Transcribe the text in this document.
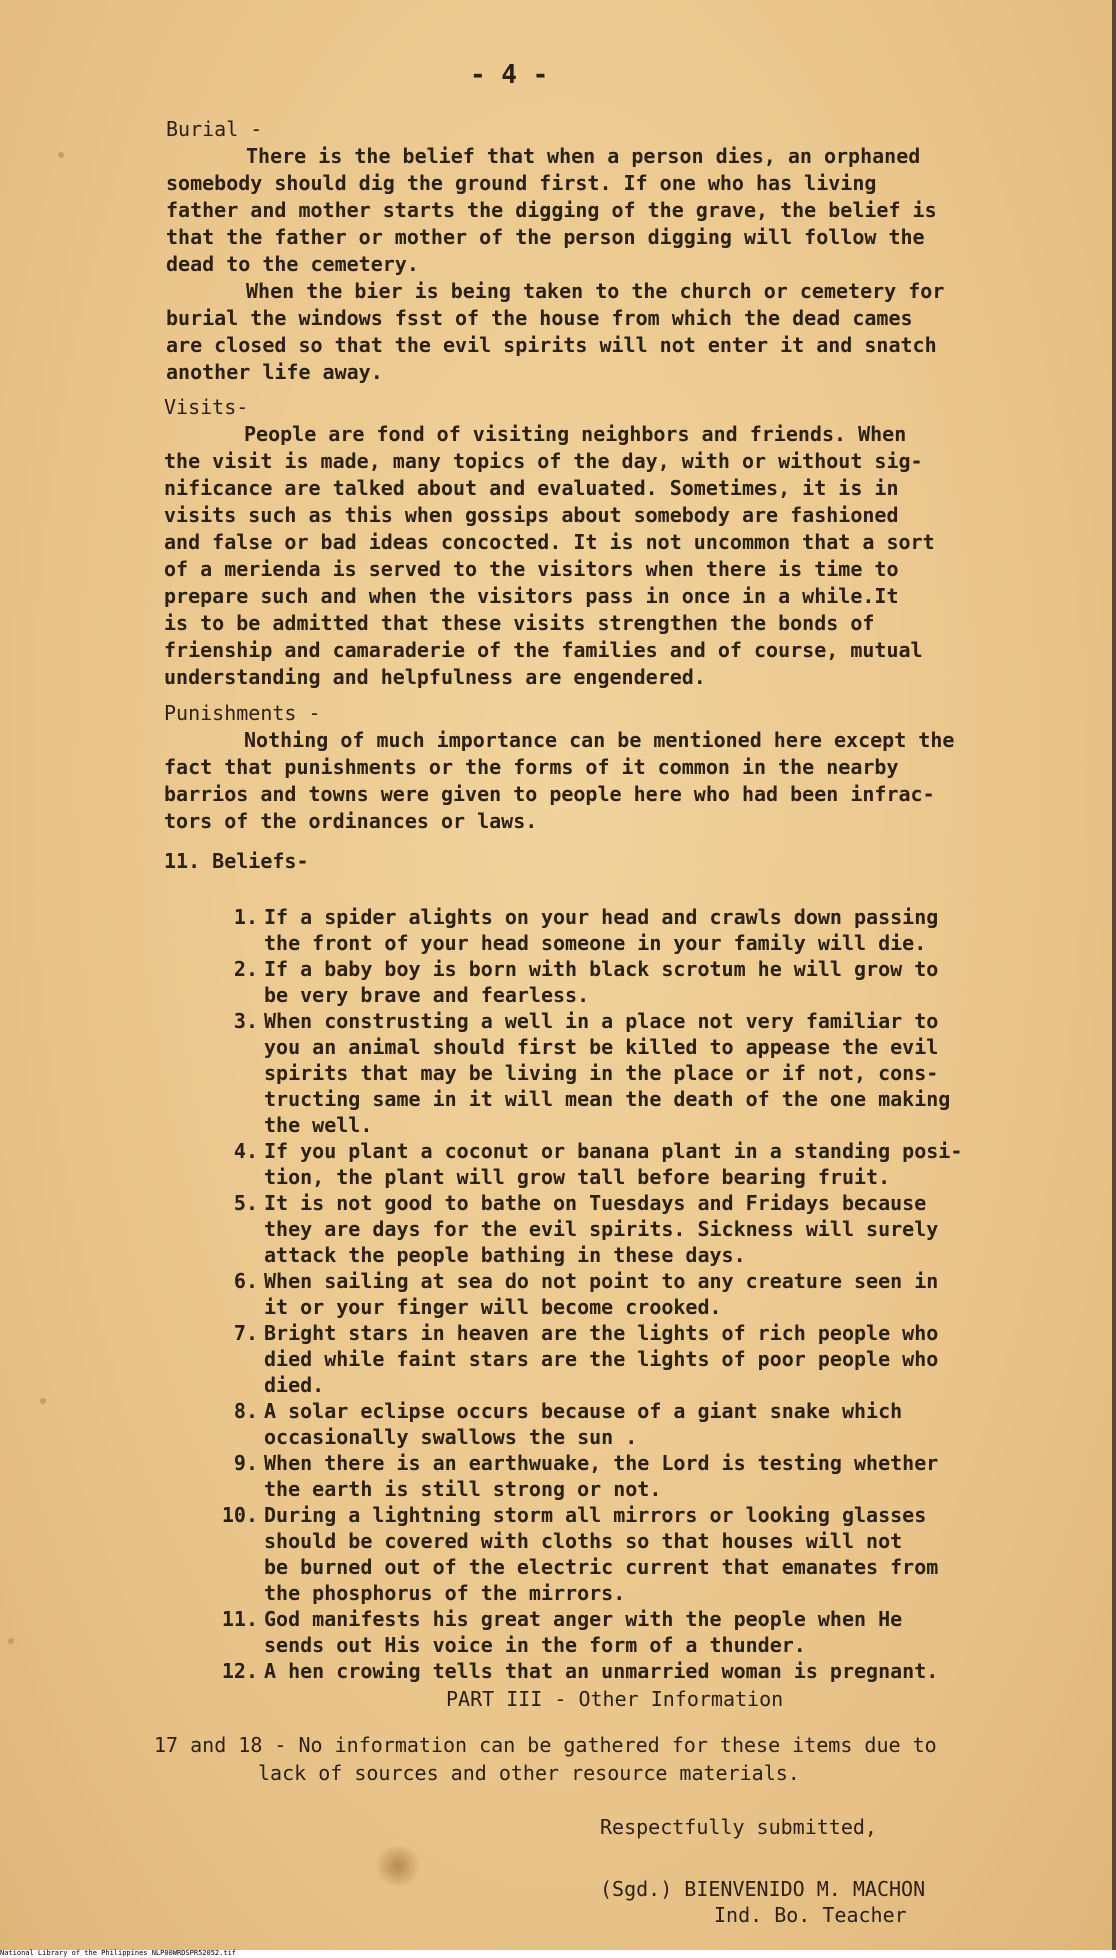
- 4 -
Burial -
There is the belief that when a person dies, an orphaned
somebody should dig the ground first. If one who has living
father and mother starts the digging of the grave, the belief is
that the father or mother of the person digging will follow the
dead to the cemetery.
When the bier is being taken to the church or cemetery for
burial the windows fsst of the house from which the dead cames
are closed so that the evil spirits will not enter it and snatch
another life away.
Visits-
People are fond of visiting neighbors and friends. When
the visit is made, many topics of the day, with or without sig-
nificance are talked about and evaluated. Sometimes, it is in
visits such as this when gossips about somebody are fashioned
and false or bad ideas concocted. It is not uncommon that a sort
of a merienda is served to the visitors when there is time to
prepare such and when the visitors pass in once in a while.It
is to be admitted that these visits strengthen the bonds of
frienship and camaraderie of the families and of course, mutual
understanding and helpfulness are engendered.
Punishments -
Nothing of much importance can be mentioned here except the
fact that punishments or the forms of it common in the nearby
barrios and towns were given to people here who had been infrac-
tors of the ordinances or laws.
11. Beliefs-
1. If a spider alights on your head and crawls down passing
the front of your head someone in your family will die.
2. If a baby boy is born with black scrotum he will grow to
be very brave and fearless.
3. When construsting a well in a place not very familiar to
you an animal should first be killed to appease the evil
spirits that may be living in the place or if not, cons-
tructing same in it will mean the death of the one making
the well.
4. If you plant a coconut or banana plant in a standing posi-
tion, the plant will grow tall before bearing fruit.
5. It is not good to bathe on Tuesdays and Fridays because
they are days for the evil spirits. Sickness will surely
attack the people bathing in these days.
6. When sailing at sea do not point to any creature seen in
it or your finger will become crooked.
7. Bright stars in heaven are the lights of rich people who
died while faint stars are the lights of poor people who
died.
8. A solar eclipse occurs because of a giant snake which
occasionally swallows the sun .
9. When there is an earthwuake, the Lord is testing whether
the earth is still strong or not.
10. During a lightning storm all mirrors or looking glasses
should be covered with cloths so that houses will not
be burned out of the electric current that emanates from
the phosphorus of the mirrors.
11. God manifests his great anger with the people when He
sends out His voice in the form of a thunder.
12. A hen crowing tells that an unmarried woman is pregnant.
PART III - Other Information
17 and 18 - No information can be gathered for these items due to
lack of sources and other resource materials.
Respectfully submitted,
(Sgd.) BIENVENIDO M. MACHON
Ind. Bo. Teacher
National Library of the Philippines NLP00WRDSPR52052.tif
